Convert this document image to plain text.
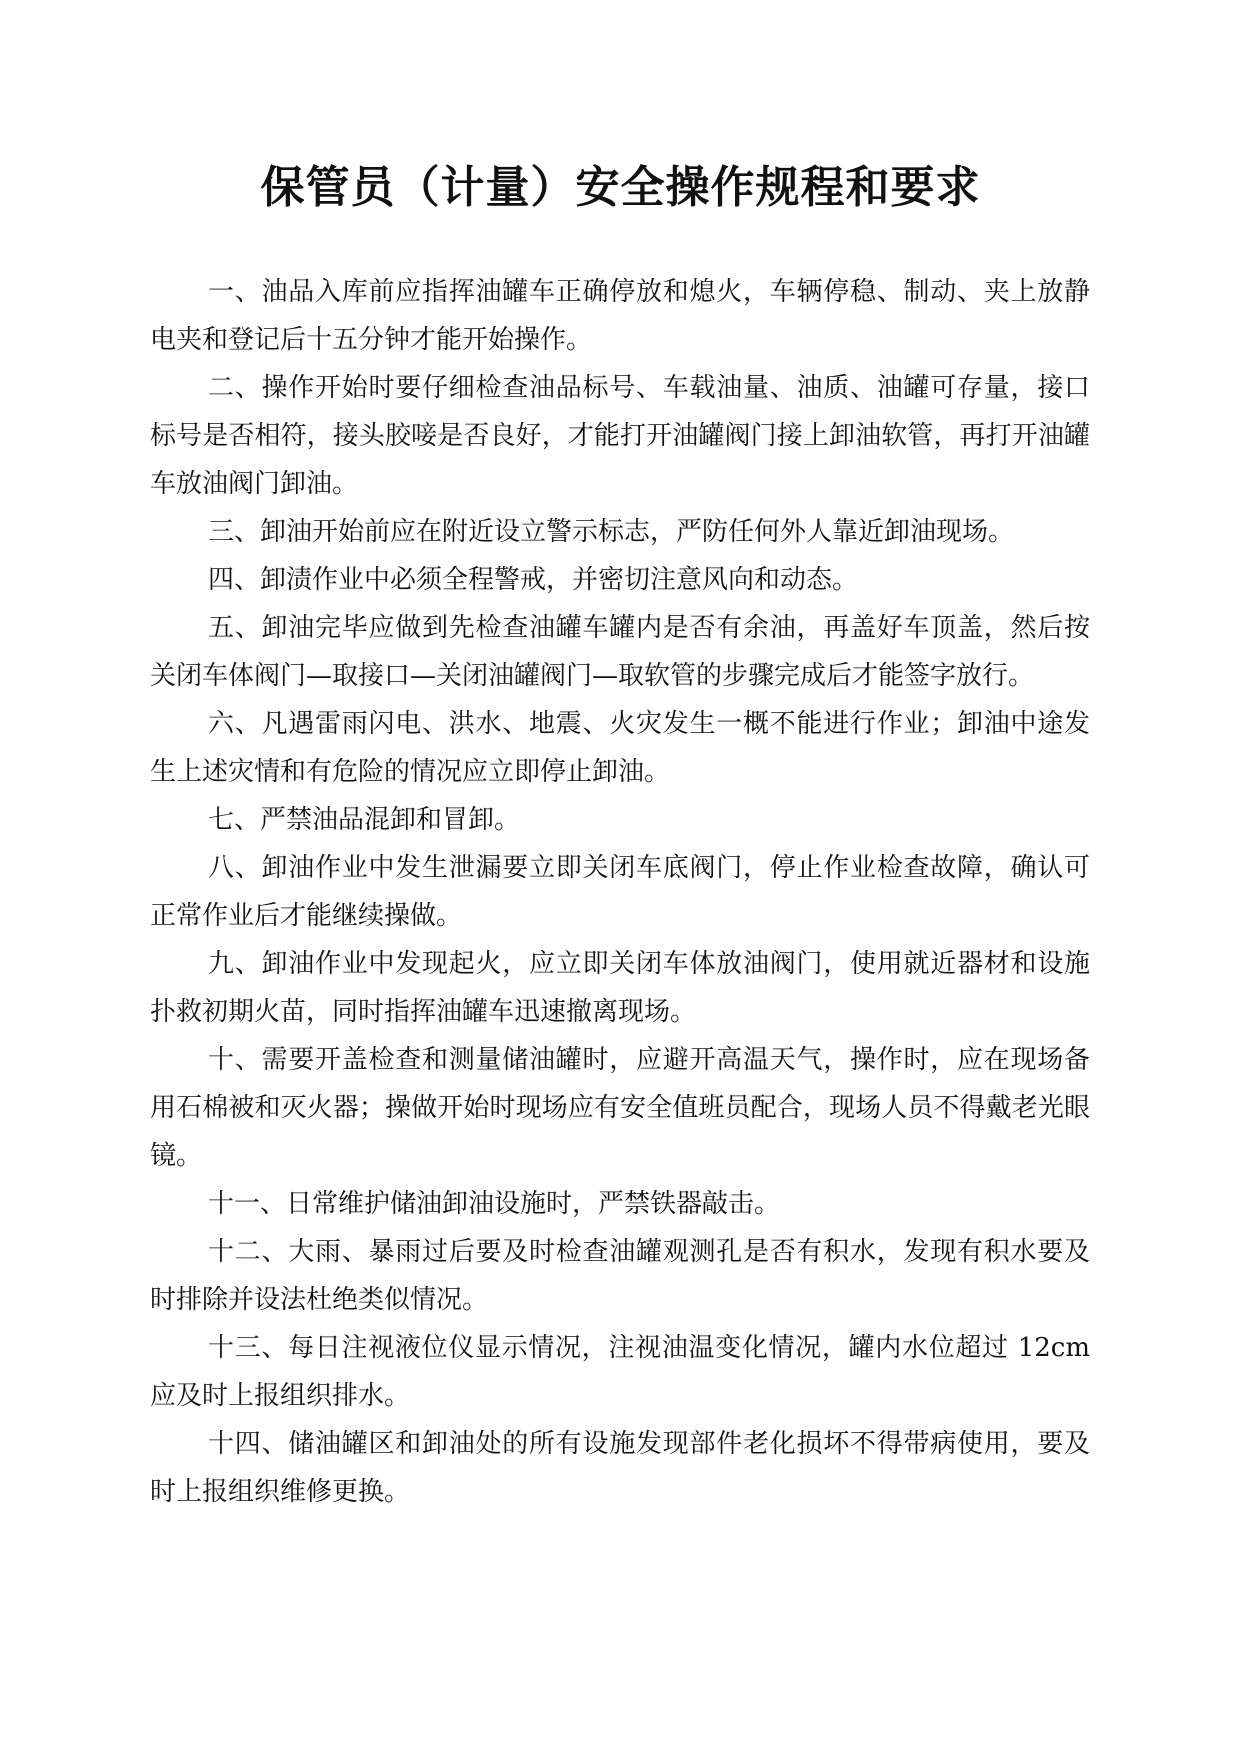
保管员（计量）安全操作规程和要求

一、油品入库前应指挥油罐车正确停放和熄火，车辆停稳、制动、夹上放静电夹和登记后十五分钟才能开始操作。

二、操作开始时要仔细检查油品标号、车载油量、油质、油罐可存量，接口标号是否相符，接头胶唼是否良好，才能打开油罐阀门接上卸油软管，再打开油罐车放油阀门卸油。

三、卸油开始前应在附近设立警示标志，严防任何外人靠近卸油现场。

四、卸渍作业中必须全程警戒，并密切注意风向和动态。

五、卸油完毕应做到先检查油罐车罐内是否有余油，再盖好车顶盖，然后按关闭车体阀门—取接口—关闭油罐阀门—取软管的步骤完成后才能签字放行。

六、凡遇雷雨闪电、洪水、地震、火灾发生一概不能进行作业；卸油中途发生上述灾情和有危险的情况应立即停止卸油。

七、严禁油品混卸和冒卸。

八、卸油作业中发生泄漏要立即关闭车底阀门，停止作业检查故障，确认可正常作业后才能继续操做。

九、卸油作业中发现起火，应立即关闭车体放油阀门，使用就近器材和设施扑救初期火苗，同时指挥油罐车迅速撤离现场。

十、需要开盖检查和测量储油罐时，应避开高温天气，操作时，应在现场备用石棉被和灭火器；操做开始时现场应有安全值班员配合，现场人员不得戴老光眼镜。

十一、日常维护储油卸油设施时，严禁铁器敲击。

十二、大雨、暴雨过后要及时检查油罐观测孔是否有积水，发现有积水要及时排除并设法杜绝类似情况。

十三、每日注视液位仪显示情况，注视油温变化情况，罐内水位超过 12cm 应及时上报组织排水。

十四、储油罐区和卸油处的所有设施发现部件老化损坏不得带病使用，要及时上报组织维修更换。
